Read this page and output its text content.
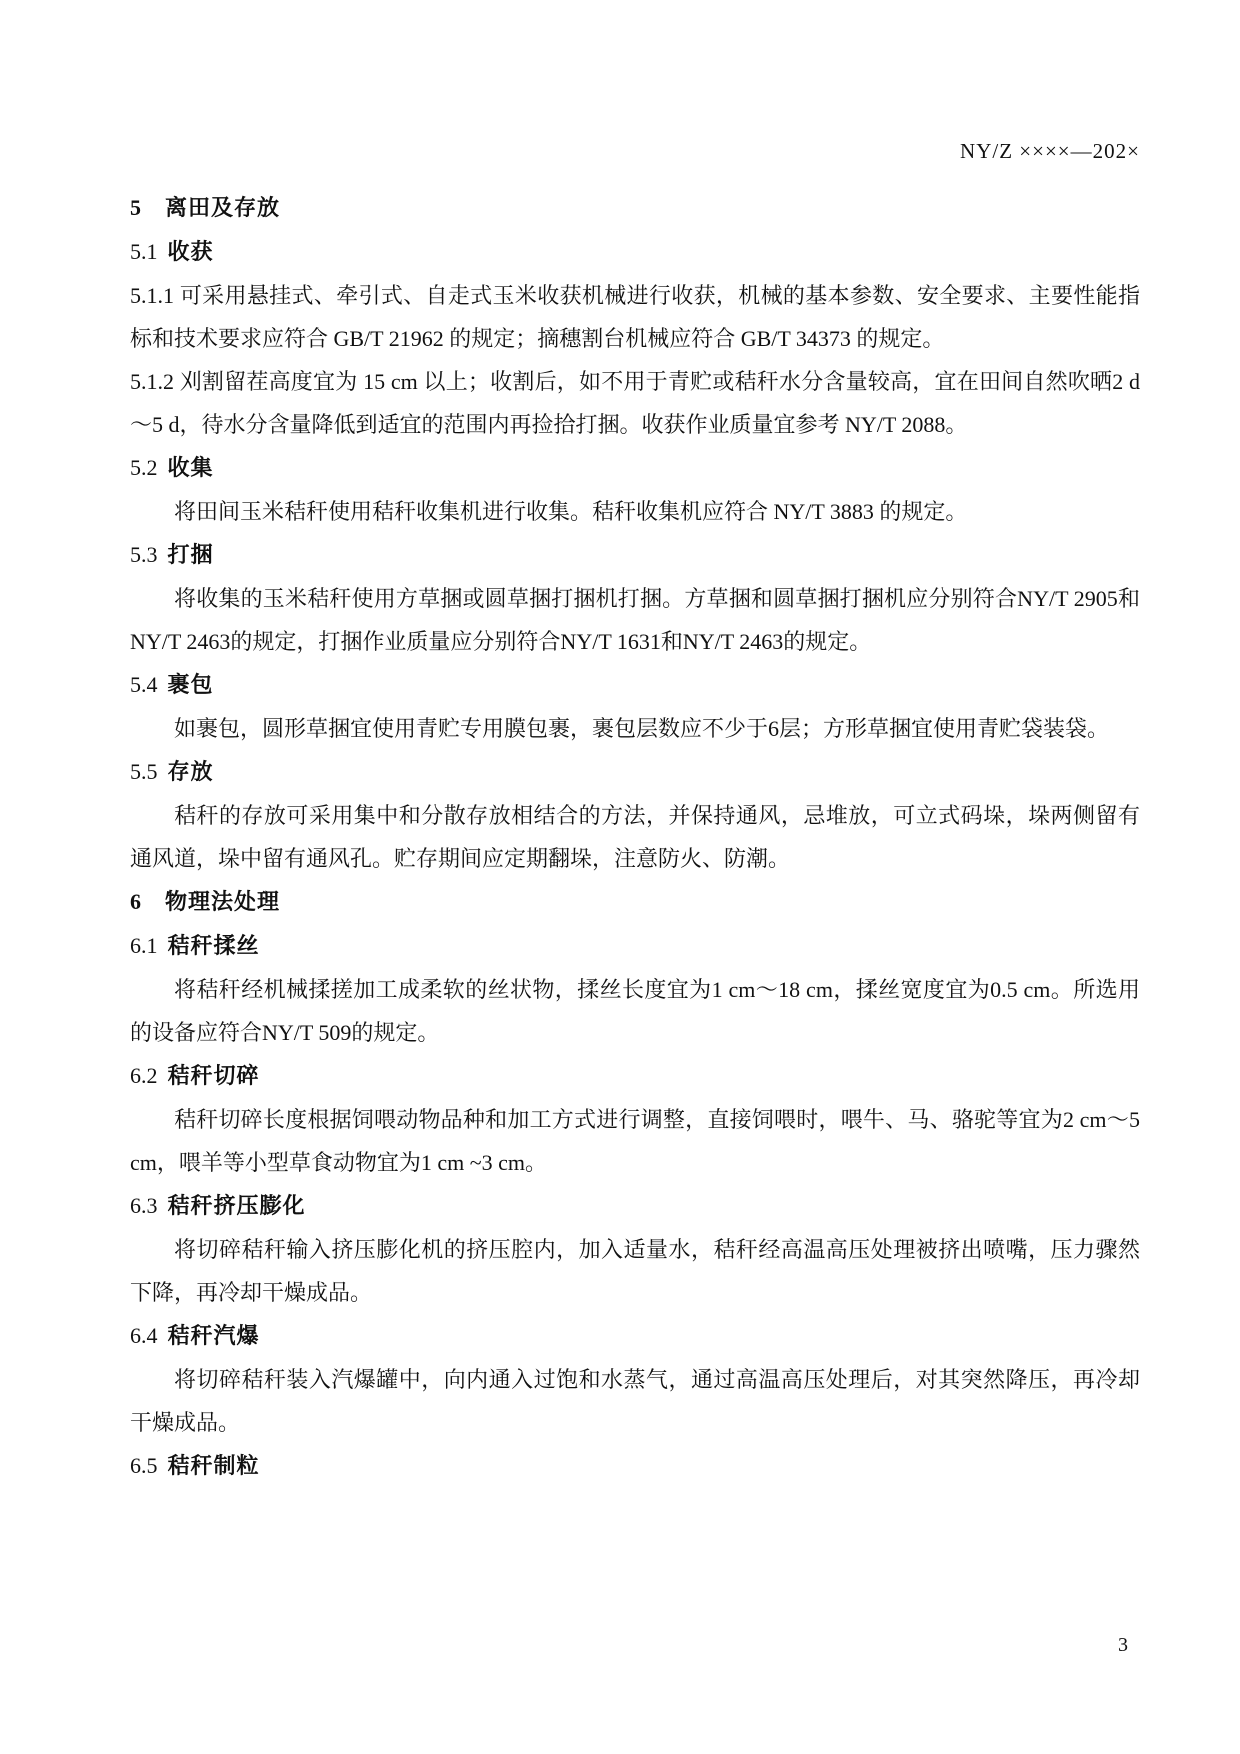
NY/Z ××××—202×
5 离田及存放
5.1 收获
5.1.1 可采用悬挂式、牵引式、自走式玉米收获机械进行收获，机械的基本参数、安全要求、主要性能指标和技术要求应符合 GB/T 21962 的规定；摘穗割台机械应符合 GB/T 34373 的规定。
5.1.2 刈割留茬高度宜为 15 cm 以上；收割后，如不用于青贮或秸秆水分含量较高，宜在田间自然吹晒2 d～5 d，待水分含量降低到适宜的范围内再捡拾打捆。收获作业质量宜参考 NY/T 2088。
5.2 收集
将田间玉米秸秆使用秸秆收集机进行收集。秸秆收集机应符合 NY/T 3883 的规定。
5.3 打捆
将收集的玉米秸秆使用方草捆或圆草捆打捆机打捆。方草捆和圆草捆打捆机应分别符合NY/T 2905和NY/T 2463的规定，打捆作业质量应分别符合NY/T 1631和NY/T 2463的规定。
5.4 裹包
如裹包，圆形草捆宜使用青贮专用膜包裹，裹包层数应不少于6层；方形草捆宜使用青贮袋装袋。
5.5 存放
秸秆的存放可采用集中和分散存放相结合的方法，并保持通风，忌堆放，可立式码垛，垛两侧留有通风道，垛中留有通风孔。贮存期间应定期翻垛，注意防火、防潮。
6 物理法处理
6.1 秸秆揉丝
将秸秆经机械揉搓加工成柔软的丝状物，揉丝长度宜为1 cm～18 cm，揉丝宽度宜为0.5 cm。所选用的设备应符合NY/T 509的规定。
6.2 秸秆切碎
秸秆切碎长度根据饲喂动物品种和加工方式进行调整，直接饲喂时，喂牛、马、骆驼等宜为2 cm～5 cm，喂羊等小型草食动物宜为1 cm ~3 cm。
6.3 秸秆挤压膨化
将切碎秸秆输入挤压膨化机的挤压腔内，加入适量水，秸秆经高温高压处理被挤出喷嘴，压力骤然下降，再冷却干燥成品。
6.4 秸秆汽爆
将切碎秸秆装入汽爆罐中，向内通入过饱和水蒸气，通过高温高压处理后，对其突然降压，再冷却干燥成品。
6.5 秸秆制粒
3
